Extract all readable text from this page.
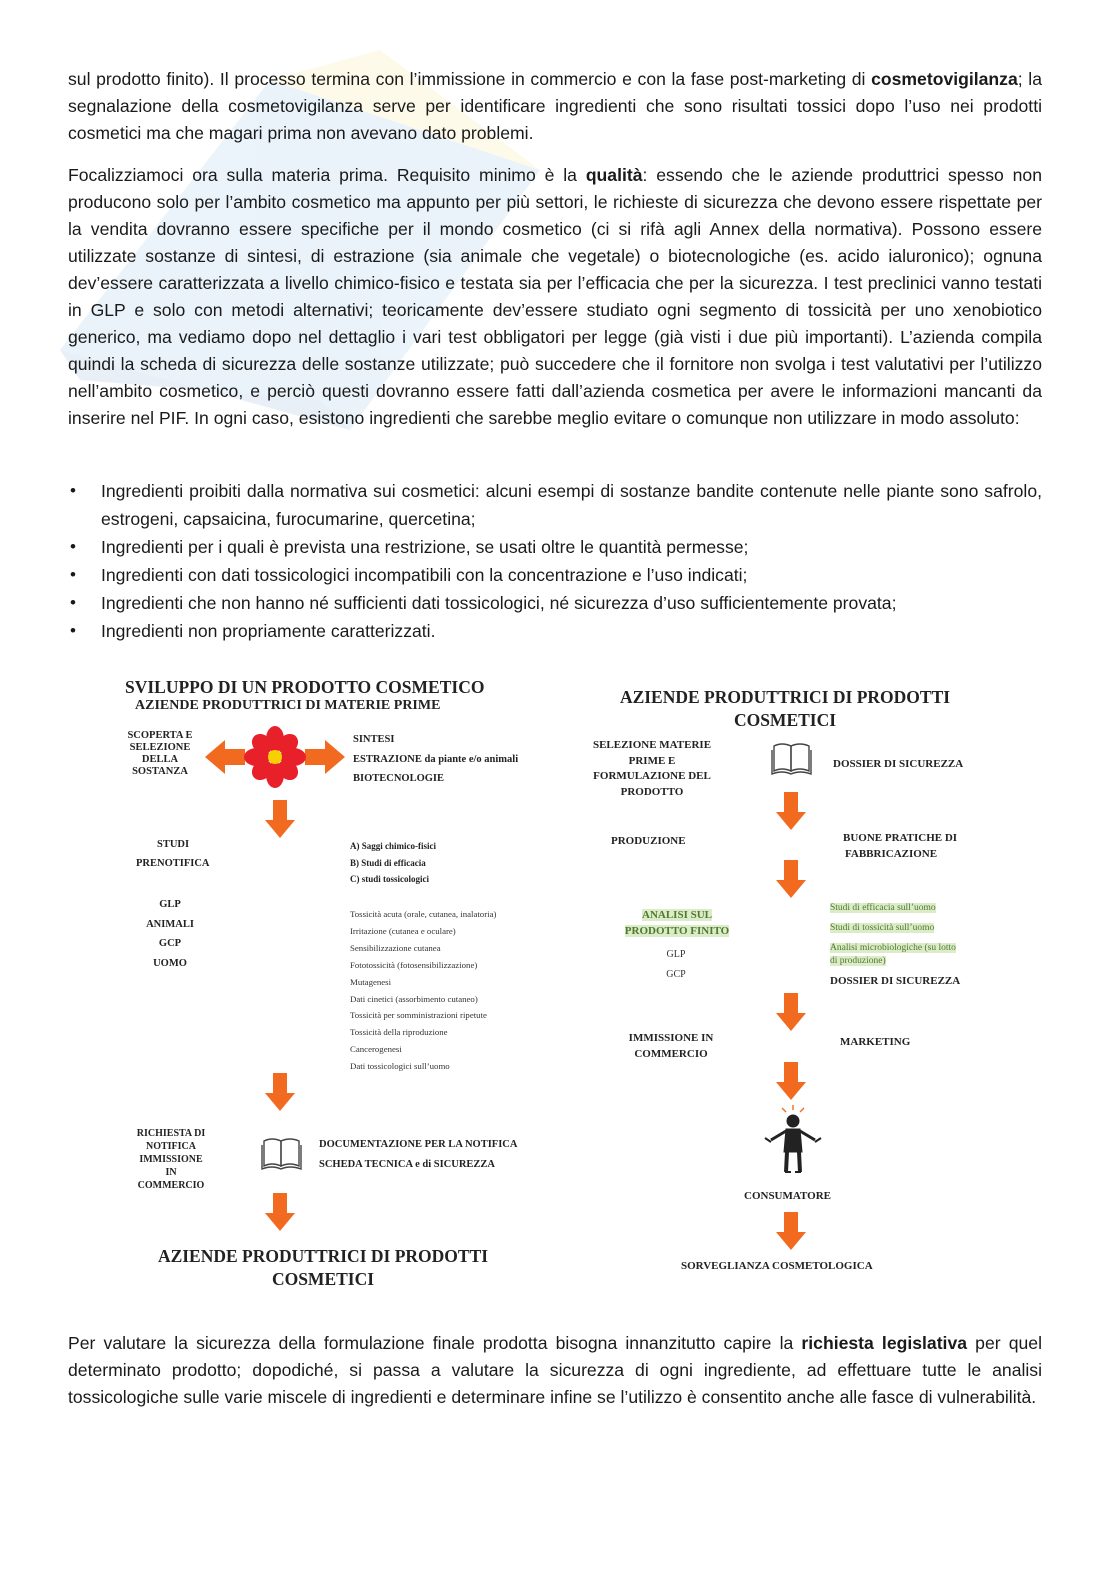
sul prodotto finito). Il processo termina con l’immissione in commercio e con la fase post-marketing di cosmetovigilanza; la segnalazione della cosmetovigilanza serve per identificare ingredienti che sono risultati tossici dopo l’uso nei prodotti cosmetici ma che magari prima non avevano dato problemi.
Focalizziamoci ora sulla materia prima. Requisito minimo è la qualità: essendo che le aziende produttrici spesso non producono solo per l’ambito cosmetico ma appunto per più settori, le richieste di sicurezza che devono essere rispettate per la vendita dovranno essere specifiche per il mondo cosmetico (ci si rifà agli Annex della normativa). Possono essere utilizzate sostanze di sintesi, di estrazione (sia animale che vegetale) o biotecnologiche (es. acido ialuronico); ognuna dev’essere caratterizzata a livello chimico-fisico e testata sia per l’efficacia che per la sicurezza. I test preclinici vanno testati in GLP e solo con metodi alternativi; teoricamente dev’essere studiato ogni segmento di tossicità per uno xenobiotico generico, ma vediamo dopo nel dettaglio i vari test obbligatori per legge (già visti i due più importanti). L’azienda compila quindi la scheda di sicurezza delle sostanze utilizzate; può succedere che il fornitore non svolga i test valutativi per l’utilizzo nell’ambito cosmetico, e perciò questi dovranno essere fatti dall’azienda cosmetica per avere le informazioni mancanti da inserire nel PIF. In ogni caso, esistono ingredienti che sarebbe meglio evitare o comunque non utilizzare in modo assoluto:
• Ingredienti proibiti dalla normativa sui cosmetici: alcuni esempi di sostanze bandite contenute nelle piante sono safrolo, estrogeni, capsaicina, furocumarine, quercetina;
• Ingredienti per i quali è prevista una restrizione, se usati oltre le quantità permesse;
• Ingredienti con dati tossicologici incompatibili con la concentrazione e l’uso indicati;
• Ingredienti che non hanno né sufficienti dati tossicologici, né sicurezza d’uso sufficientemente provata;
• Ingredienti non propriamente caratterizzati.
SVILUPPO DI UN PRODOTTO COSMETICO
AZIENDE PRODUTTRICI DI MATERIE PRIME
SCOPERTA E
SELEZIONE
DELLA
SOSTANZA
SINTESI
ESTRAZIONE da piante e/o animali
BIOTECNOLOGIE
STUDI
PRENOTIFICA
A) Saggi chimico-fisici
B) Studi di efficacia
C) studi tossicologici
GLP
ANIMALI
GCP
UOMO
Tossicità acuta (orale, cutanea, inalatoria)
Irritazione (cutanea e oculare)
Sensibilizzazione cutanea
Fototossicità (fotosensibilizzazione)
Mutagenesi
Dati cinetici (assorbimento cutaneo)
Tossicità per somministrazioni ripetute
Tossicità della riproduzione
Cancerogenesi
Dati tossicologici sull’uomo
RICHIESTA DI
NOTIFICA
IMMISSIONE
IN
COMMERCIO
DOCUMENTAZIONE PER LA NOTIFICA
SCHEDA TECNICA e di SICUREZZA
AZIENDE PRODUTTRICI DI PRODOTTI
COSMETICI
AZIENDE PRODUTTRICI DI PRODOTTI
COSMETICI
SELEZIONE MATERIE
PRIME E
FORMULAZIONE DEL
PRODOTTO
DOSSIER DI SICUREZZA
PRODUZIONE	BUONE PRATICHE DI
FABBRICAZIONE
ANALISI SUL
PRODOTTO FINITO
GLP
GCP
Studi di efficacia sull’uomo
Studi di tossicità sull’uomo
Analisi microbiologiche (su lotto
di produzione)
DOSSIER DI SICUREZZA
IMMISSIONE IN
COMMERCIO
MARKETING
CONSUMATORE
SORVEGLIANZA COSMETOLOGICA
Per valutare la sicurezza della formulazione finale prodotta bisogna innanzitutto capire la richiesta legislativa per quel determinato prodotto; dopodiché, si passa a valutare la sicurezza di ogni ingrediente, ad effettuare tutte le analisi tossicologiche sulle varie miscele di ingredienti e determinare infine se l’utilizzo è consentito anche alle fasce di vulnerabilità.
